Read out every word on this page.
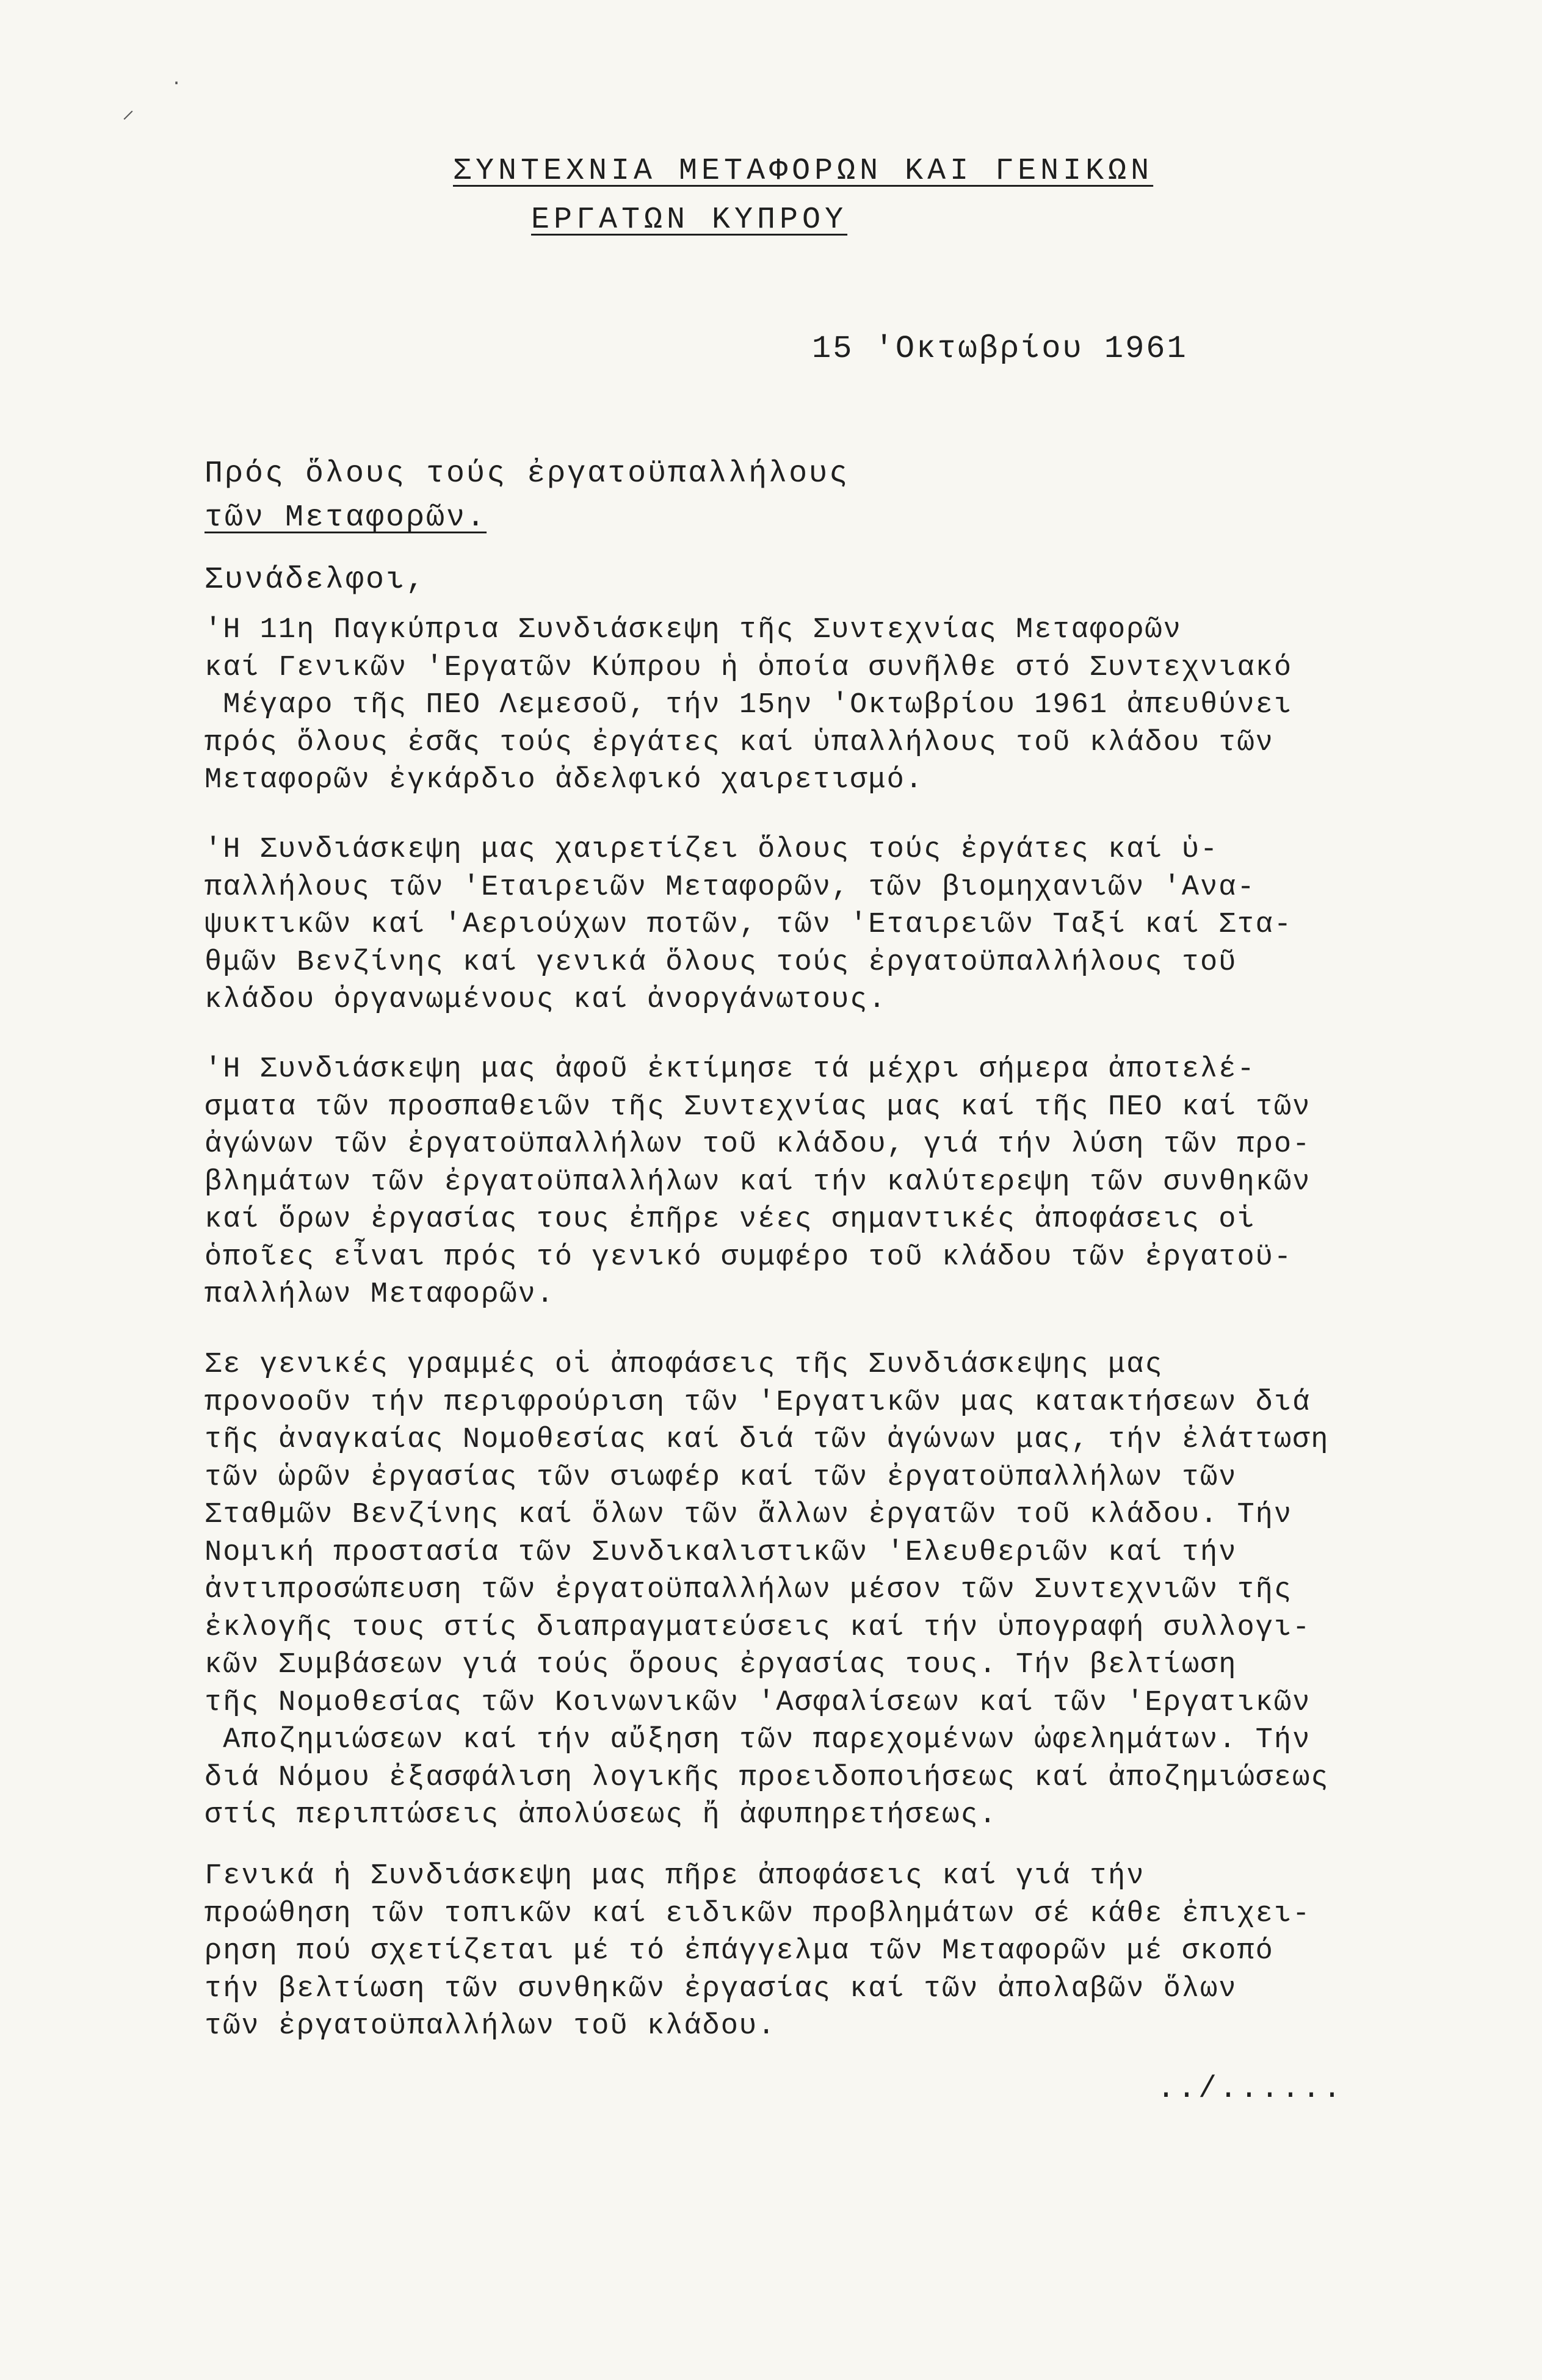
⸝
·
ΣΥΝΤΕΧΝΙΑ ΜΕΤΑΦΟΡΩΝ ΚΑΙ ΓΕΝΙΚΩΝ
ΕΡΓΑΤΩΝ ΚΥΠΡΟΥ
15 'Οκτωβρίου 1961
Πρός ὅλους τούς ἐργατοϋπαλλήλους
τῶν Μεταφορῶν.
Συνάδελφοι,
'Η 11η Παγκύπρια Συνδιάσκεψη τῆς Συντεχνίας Μεταφορῶν
καί Γενικῶν 'Εργατῶν Κύπρου ἡ ὁποία συνῆλθε στό Συντεχνιακό
Μέγαρο τῆς ΠΕΟ Λεμεσοῦ, τήν 15ην 'Οκτωβρίου 1961 ἀπευθύνει
πρός ὅλους ἐσᾶς τούς ἐργάτες καί ὑπαλλήλους τοῦ κλάδου τῶν
Μεταφορῶν ἐγκάρδιο ἀδελφικό χαιρετισμό.
'Η Συνδιάσκεψη μας χαιρετίζει ὅλους τούς ἐργάτες καί ὑ-
παλλήλους τῶν 'Εταιρειῶν Μεταφορῶν, τῶν βιομηχανιῶν 'Ανα-
ψυκτικῶν καί 'Αεριούχων ποτῶν, τῶν 'Εταιρειῶν Ταξί καί Στα-
θμῶν Βενζίνης καί γενικά ὅλους τούς ἐργατοϋπαλλήλους τοῦ
κλάδου ὀργανωμένους καί ἀνοργάνωτους.
'Η Συνδιάσκεψη μας ἀφοῦ ἐκτίμησε τά μέχρι σήμερα ἀποτελέ-
σματα τῶν προσπαθειῶν τῆς Συντεχνίας μας καί τῆς ΠΕΟ καί τῶν
ἀγώνων τῶν ἐργατοϋπαλλήλων τοῦ κλάδου, γιά τήν λύση τῶν προ-
βλημάτων τῶν ἐργατοϋπαλλήλων καί τήν καλύτερεψη τῶν συνθηκῶν
καί ὅρων ἐργασίας τους ἐπῆρε νέες σημαντικές ἀποφάσεις οἱ
ὁποῖες εἶναι πρός τό γενικό συμφέρο τοῦ κλάδου τῶν ἐργατοϋ-
παλλήλων Μεταφορῶν.
Σε γενικές γραμμές οἱ ἀποφάσεις τῆς Συνδιάσκεψης μας
προνοοῦν τήν περιφρούριση τῶν 'Εργατικῶν μας κατακτήσεων διά
τῆς ἀναγκαίας Νομοθεσίας καί διά τῶν ἀγώνων μας, τήν ἐλάττωση
τῶν ὡρῶν ἐργασίας τῶν σιωφέρ καί τῶν ἐργατοϋπαλλήλων τῶν
Σταθμῶν Βενζίνης καί ὅλων τῶν ἄλλων ἐργατῶν τοῦ κλάδου. Τήν
Νομική προστασία τῶν Συνδικαλιστικῶν 'Ελευθεριῶν καί τήν
ἀντιπροσώπευση τῶν ἐργατοϋπαλλήλων μέσον τῶν Συντεχνιῶν τῆς
ἐκλογῆς τους στίς διαπραγματεύσεις καί τήν ὑπογραφή συλλογι-
κῶν Συμβάσεων γιά τούς ὅρους ἐργασίας τους. Τήν βελτίωση
τῆς Νομοθεσίας τῶν Κοινωνικῶν 'Ασφαλίσεων καί τῶν 'Εργατικῶν
Αποζημιώσεων καί τήν αὔξηση τῶν παρεχομένων ὠφελημάτων. Τήν
διά Νόμου ἐξασφάλιση λογικῆς προειδοποιήσεως καί ἀποζημιώσεως
στίς περιπτώσεις ἀπολύσεως ἤ ἀφυπηρετήσεως.
Γενικά ἡ Συνδιάσκεψη μας πῆρε ἀποφάσεις καί γιά τήν
προώθηση τῶν τοπικῶν καί ειδικῶν προβλημάτων σέ κάθε ἐπιχει-
ρηση πού σχετίζεται μέ τό ἐπάγγελμα τῶν Μεταφορῶν μέ σκοπό
τήν βελτίωση τῶν συνθηκῶν ἐργασίας καί τῶν ἀπολαβῶν ὅλων
τῶν ἐργατοϋπαλλήλων τοῦ κλάδου.
../......
